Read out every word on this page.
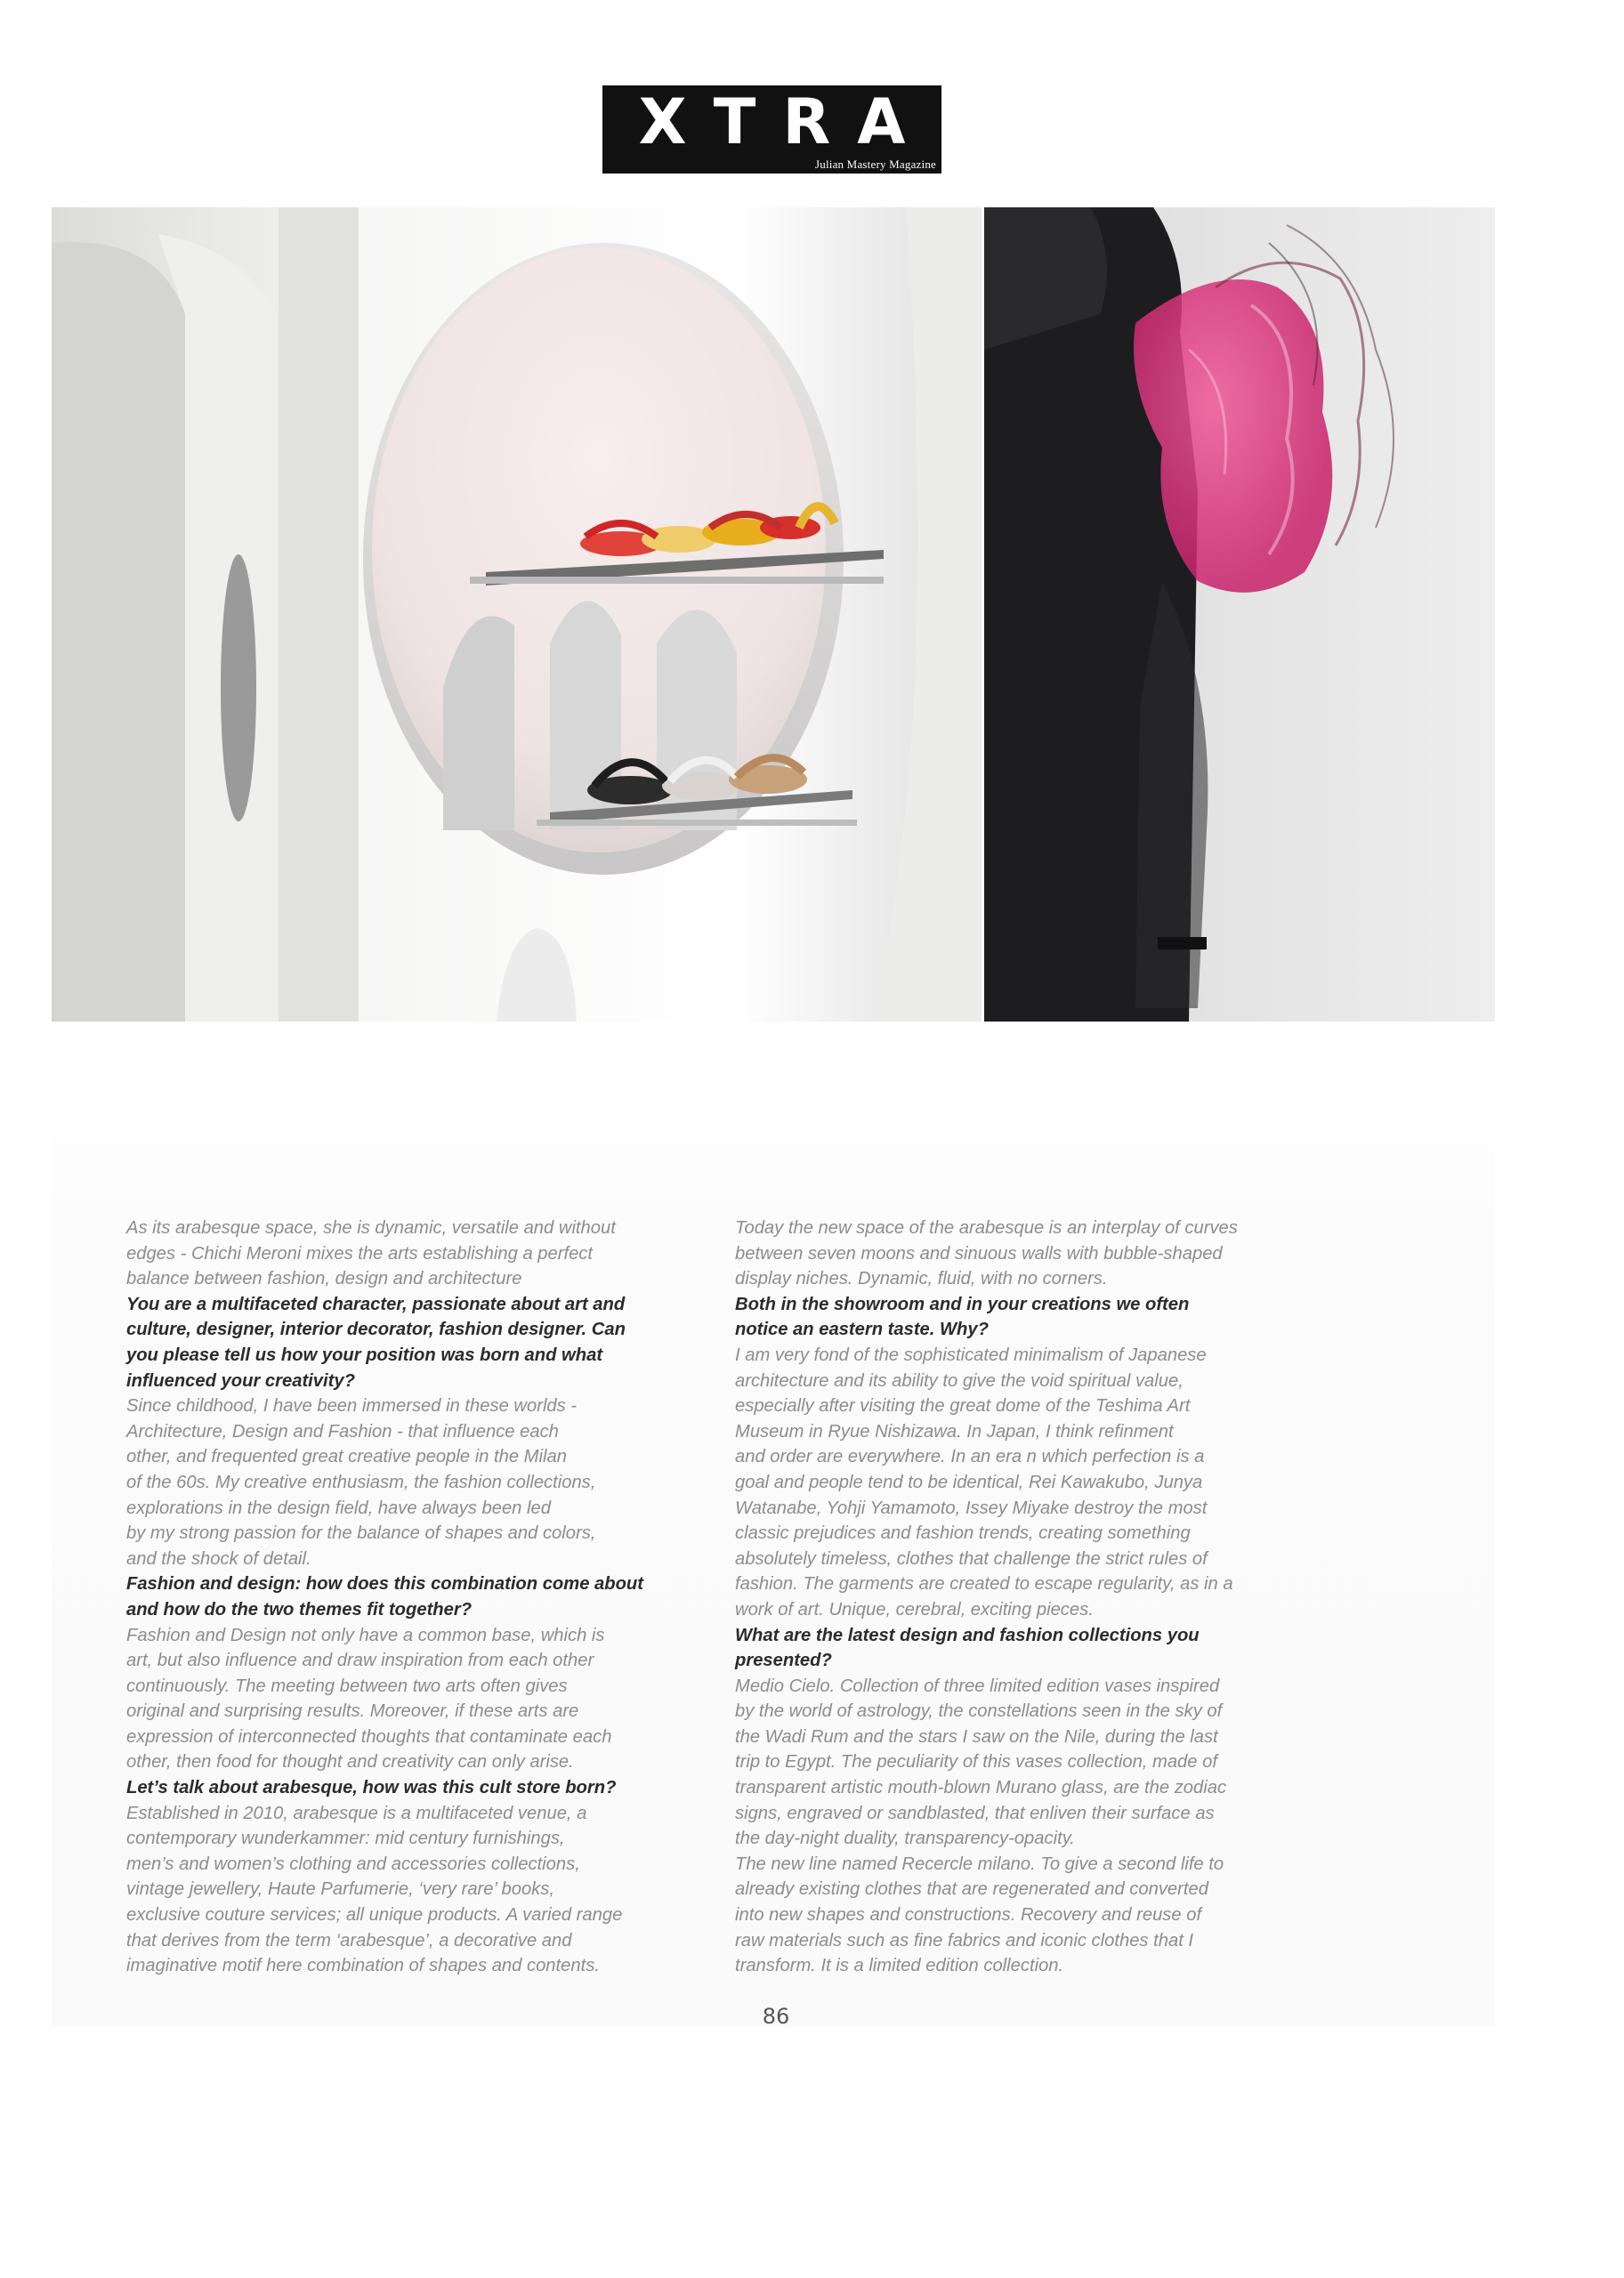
XTRA
Julian Mastery Magazine

As its arabesque space, she is dynamic, versatile and without
edges - Chichi Meroni mixes the arts establishing a perfect
balance between fashion, design and architecture

You are a multifaceted character, passionate about art and
culture, designer, interior decorator, fashion designer. Can
you please tell us how your position was born and what
influenced your creativity?

Since childhood, I have been immersed in these worlds -
Architecture, Design and Fashion - that influence each
other, and frequented great creative people in the Milan
of the 60s. My creative enthusiasm, the fashion collections,
explorations in the design field, have always been led
by my strong passion for the balance of shapes and colors,
and the shock of detail.

Fashion and design: how does this combination come about
and how do the two themes fit together?

Fashion and Design not only have a common base, which is
art, but also influence and draw inspiration from each other
continuously. The meeting between two arts often gives
original and surprising results. Moreover, if these arts are
expression of interconnected thoughts that contaminate each
other, then food for thought and creativity can only arise.

Let’s talk about arabesque, how was this cult store born?

Established in 2010, arabesque is a multifaceted venue, a
contemporary wunderkammer: mid century furnishings,
men’s and women’s clothing and accessories collections,
vintage jewellery, Haute Parfumerie, ‘very rare’ books,
exclusive couture services; all unique products. A varied range
that derives from the term ‘arabesque’, a decorative and
imaginative motif here combination of shapes and contents.

Today the new space of the arabesque is an interplay of curves
between seven moons and sinuous walls with bubble-shaped
display niches. Dynamic, fluid, with no corners.

Both in the showroom and in your creations we often
notice an eastern taste. Why?

I am very fond of the sophisticated minimalism of Japanese
architecture and its ability to give the void spiritual value,
especially after visiting the great dome of the Teshima Art
Museum in Ryue Nishizawa. In Japan, I think refinment
and order are everywhere. In an era n which perfection is a
goal and people tend to be identical, Rei Kawakubo, Junya
Watanabe, Yohji Yamamoto, Issey Miyake destroy the most
classic prejudices and fashion trends, creating something
absolutely timeless, clothes that challenge the strict rules of
fashion. The garments are created to escape regularity, as in a
work of art. Unique, cerebral, exciting pieces.

What are the latest design and fashion collections you
presented?

Medio Cielo. Collection of three limited edition vases inspired
by the world of astrology, the constellations seen in the sky of
the Wadi Rum and the stars I saw on the Nile, during the last
trip to Egypt. The peculiarity of this vases collection, made of
transparent artistic mouth-blown Murano glass, are the zodiac
signs, engraved or sandblasted, that enliven their surface as
the day-night duality, transparency-opacity.
The new line named Recercle milano. To give a second life to
already existing clothes that are regenerated and converted
into new shapes and constructions. Recovery and reuse of
raw materials such as fine fabrics and iconic clothes that I
transform. It is a limited edition collection.

86
